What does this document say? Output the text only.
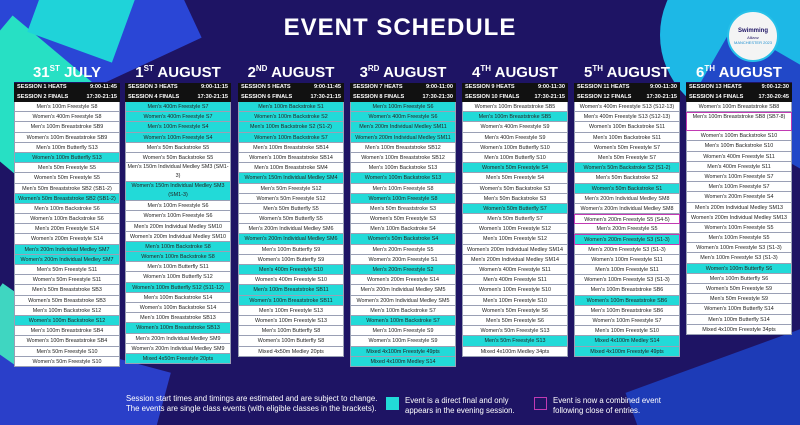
EVENT SCHEDULE	Swimming
Allianz
MANCHESTER 2023
31ST JULY
SESSION 1 HEATS	9:00-11:45
SESSION 2 FINALS	17:30-21:15
Men's 100m Freestyle S8
Women's 400m Freestyle S8
Men's 100m Breaststroke SB9
Women's 100m Breaststroke SB9
Men's 100m Butterfly S13
Women's 100m Butterfly S13
Men's 50m Freestyle S5
Women's 50m Freestyle S5
Men's 50m Breaststroke SB2 (SB1-2)
Women's 50m Breaststroke SB2 (SB1-2)
Men's 100m Backstroke S6
Women's 100m Backstroke S6
Men's 200m Freestyle S14
Women's 200m Freestyle S14
Men's 200m Individual Medley SM7
Women's 200m Individual Medley SM7
Men's 50m Freestyle S11
Women's 50m Freestyle S11
Men's 50m Breaststroke SB3
Women's 50m Breaststroke SB3
Men's 100m Backstroke S12
Women's 100m Backstroke S12
Men's 100m Breaststroke SB4
Women's 100m Breaststroke SB4
Men's 50m Freestyle S10
Women's 50m Freestyle S10
1ST AUGUST
SESSION 3 HEATS	9:00-11:15
SESSION 4 FINALS	17:30-21:15
Men's 400m Freestyle S7
Women's 400m Freestyle S7
Men's 100m Freestyle S4
Women's 100m Freestyle S4
Men's 50m Backstroke S5
Women's 50m Backstroke S5
Men's 150m Individual Medley SM3 (SM1-3)
Women's 150m Individual Medley SM3 (SM1-3)
Men's 100m Freestyle S6
Women's 100m Freestyle S6
Men's 200m Individual Medley SM10
Women's 200m Individual Medley SM10
Men's 100m Backstroke S8
Women's 100m Backstroke S8
Men's 100m Butterfly S11
Women's 100m Butterfly S12
Women's 100m Butterfly S12 (S11-12)
Men's 100m Backstroke S14
Women's 100m Backstroke S14
Men's 100m Breaststroke SB13
Women's 100m Breaststroke SB13
Men's 200m Individual Medley SM9
Women's 200m Individual Medley SM9
Mixed 4x50m Freestyle 20pts
2ND AUGUST
SESSION 5 HEATS	9:00-11:45
SESSION 6 FINALS	17:30-21:15
Men's 100m Backstroke S1
Women's 100m Backstroke S2
Men's 100m Backstroke S2 (S1-2)
Women's 100m Backstroke S7
Men's 100m Breaststroke SB14
Women's 100m Breaststroke SB14
Men's 100m Breaststroke SM4
Women's 150m Individual Medley SM4
Men's 50m Freestyle S12
Women's 50m Freestyle S12
Men's 50m Butterfly S5
Women's 50m Butterfly S5
Men's 200m Individual Medley SM6
Women's 200m Individual Medley SM6
Men's 100m Butterfly S9
Women's 100m Butterfly S9
Men's 400m Freestyle S10
Women's 400m Freestyle S10
Men's 100m Breaststroke SB11
Women's 100m Breaststroke SB11
Men's 100m Freestyle S13
Women's 100m Freestyle S13
Men's 100m Butterfly S8
Women's 100m Butterfly S8
Mixed 4x50m Medley 20pts
3RD AUGUST
SESSION 7 HEATS	9:00-11:00
SESSION 8 FINALS	17:30-21:30
Men's 100m Freestyle S6
Women's 400m Freestyle S6
Men's 200m Individual Medley SM11
Women's 200m Individual Medley SM11
Men's 100m Breaststroke SB12
Women's 100m Breaststroke SB12
Men's 100m Backstroke S13
Women's 100m Backstroke S13
Men's 100m Freestyle S8
Women's 100m Freestyle S8
Men's 50m Breaststroke S3
Women's 50m Freestyle S3
Men's 100m Backstroke S4
Women's 50m Backstroke S4
Men's 200m Freestyle S5
Women's 200m Freestyle S1
Men's 200m Freestyle S2
Women's 200m Freestyle S14
Men's 200m Individual Medley SM5
Women's 200m Individual Medley SM5
Men's 100m Backstroke S7
Women's 100m Backstroke S7
Men's 100m Freestyle S9
Women's 100m Freestyle S9
Mixed 4x100m Freestyle 49pts
Mixed 4x100m Medley S14
4TH AUGUST
SESSION 9 HEATS	9:00-11:30
SESSION 10 FINALS	17:30-21:15
Women's 100m Breaststroke SB5
Men's 100m Breaststroke SB5
Women's 400m Freestyle S9
Men's 400m Freestyle S9
Women's 100m Butterfly S10
Men's 100m Butterfly S10
Women's 50m Freestyle S4
Men's 50m Freestyle S4
Women's 50m Backstroke S3
Men's 50m Backstroke S3
Women's 50m Butterfly S7
Men's 50m Butterfly S7
Women's 100m Freestyle S12
Men's 100m Freestyle S12
Women's 200m Individual Medley SM14
Men's 200m Individual Medley SM14
Women's 400m Freestyle S11
Men's 400m Freestyle S11
Women's 100m Freestyle S10
Men's 100m Freestyle S10
Women's 50m Freestyle S6
Men's 50m Freestyle S6
Women's 50m Freestyle S13
Men's 50m Freestyle S13
Mixed 4x100m Medley 34pts
5TH AUGUST
SESSION 11 HEATS	9:00-11:30
SESSION 12 FINALS	17:30-21:15
Women's 400m Freestyle S13 (S12-13)
Men's 400m Freestyle S13 (S12-13)
Women's 100m Backstroke S11
Men's 100m Backstroke S11
Women's 50m Freestyle S7
Men's 50m Freestyle S7
Women's 50m Backstroke S2 (S1-2)
Men's 50m Backstroke S2
Women's 50m Backstroke S1
Men's 200m Individual Medley SM8
Women's 200m Individual Medley SM8
Women's 200m Freestyle S5 (S4-5)
Men's 200m Freestyle S5
Women's 200m Freestyle S3 (S1-3)
Men's 200m Freestyle S3 (S1-3)
Women's 100m Freestyle S11
Men's 100m Freestyle S11
Women's 100m Freestyle S3 (S1-3)
Men's 100m Breaststroke SB6
Women's 100m Breaststroke SB6
Men's 100m Breaststroke SB6
Women's 100m Freestyle S7
Men's 100m Freestyle S10
Mixed 4x100m Medley S14
Mixed 4x100m Freestyle 49pts
6TH AUGUST
SESSION 13 HEATS	9:00-12:30
SESSION 14 FINALS	17:30-20:45
Women's 100m Breaststroke SB8
Men's 100m Breaststroke SB8 (SB7-8)
Women's 100m Backstroke S10
Men's 100m Backstroke S10
Women's 400m Freestyle S11
Men's 400m Freestyle S11
Women's 100m Freestyle S7
Men's 100m Freestyle S7
Women's 200m Freestyle S4
Men's 200m Individual Medley SM13
Women's 200m Individual Medley SM13
Women's 100m Freestyle S5
Men's 100m Freestyle S5
Women's 100m Freestyle S3 (S1-3)
Men's 100m Freestyle S3 (S1-3)
Women's 100m Butterfly S6
Men's 100m Butterfly S6
Women's 50m Freestyle S9
Men's 50m Freestyle S9
Women's 100m Butterfly S14
Men's 100m Butterfly S14
Mixed 4x100m Freestyle 34pts
Session start times and timings are estimated and are subject to change. The events are single class events (with eligible classes in the brackets).
Event is a direct final and only appears in the evening session.
Event is now a combined event following close of entries.
